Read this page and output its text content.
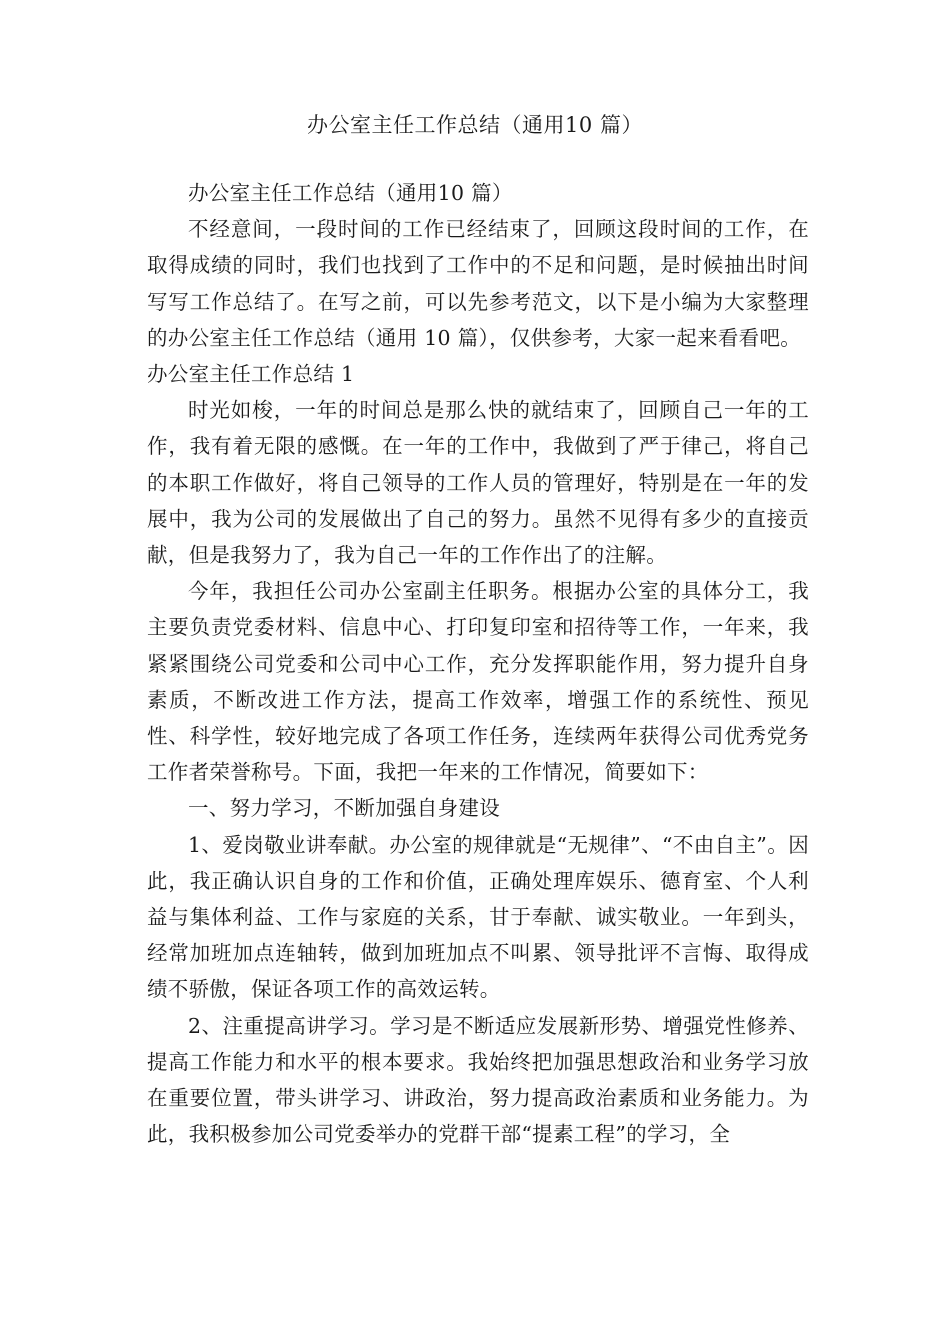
办公室主任工作总结（通用10 篇）

办公室主任工作总结（通用10 篇）

不经意间，一段时间的工作已经结束了，回顾这段时间的工作，在取得成绩的同时，我们也找到了工作中的不足和问题，是时候抽出时间写写工作总结了。在写之前，可以先参考范文，以下是小编为大家整理的办公室主任工作总结（通用 10 篇），仅供参考，大家一起来看看吧。

办公室主任工作总结 1

时光如梭，一年的时间总是那么快的就结束了，回顾自己一年的工作，我有着无限的感慨。在一年的工作中，我做到了严于律己，将自己的本职工作做好，将自己领导的工作人员的管理好，特别是在一年的发展中，我为公司的发展做出了自己的努力。虽然不见得有多少的直接贡献，但是我努力了，我为自己一年的工作作出了的注解。

今年，我担任公司办公室副主任职务。根据办公室的具体分工，我主要负责党委材料、信息中心、打印复印室和招待等工作，一年来，我紧紧围绕公司党委和公司中心工作，充分发挥职能作用，努力提升自身素质，不断改进工作方法，提高工作效率，增强工作的系统性、预见性、科学性，较好地完成了各项工作任务，连续两年获得公司优秀党务工作者荣誉称号。下面，我把一年来的工作情况，简要如下：

一、努力学习，不断加强自身建设

1、爱岗敬业讲奉献。办公室的规律就是“无规律”、“不由自主”。因此，我正确认识自身的工作和价值，正确处理库娱乐、德育室、个人利益与集体利益、工作与家庭的关系，甘于奉献、诚实敬业。一年到头，经常加班加点连轴转，做到加班加点不叫累、领导批评不言悔、取得成绩不骄傲，保证各项工作的高效运转。

2、注重提高讲学习。学习是不断适应发展新形势、增强党性修养、提高工作能力和水平的根本要求。我始终把加强思想政治和业务学习放在重要位置，带头讲学习、讲政治，努力提高政治素质和业务能力。为此，我积极参加公司党委举办的党群干部“提素工程”的学习，全
